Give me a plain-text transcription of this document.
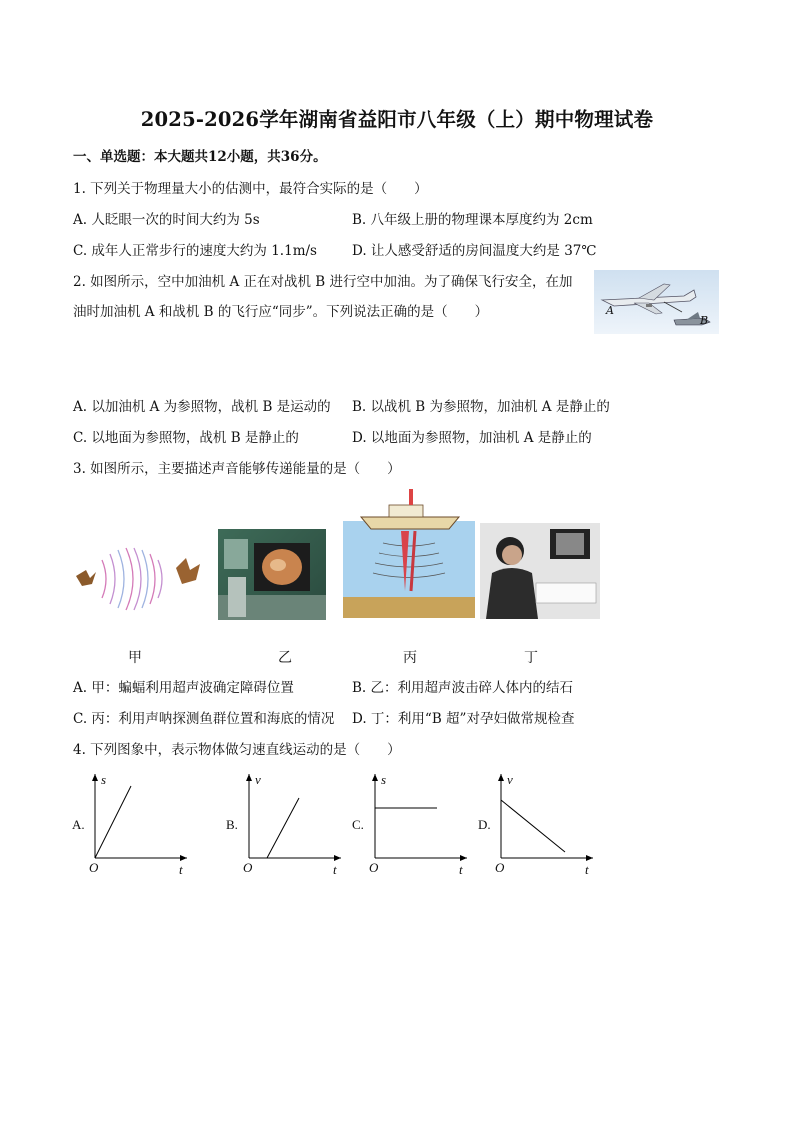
2025-2026学年湖南省益阳市八年级（上）期中物理试卷
一、单选题：本大题共12小题，共36分。
1. 下列关于物理量大小的估测中，最符合实际的是（　　）
A. 人眨眼一次的时间大约为 5s	B. 八年级上册的物理课本厚度约为 2cm
C. 成年人正常步行的速度大约为 1.1m/s	D. 让人感受舒适的房间温度大约是 37℃
2. 如图所示，空中加油机 A 正在对战机 B 进行空中加油。为了确保飞行安全，在加
油时加油机 A 和战机 B 的飞行应“同步”。下列说法正确的是（　　）	A
B
A. 以加油机 A 为参照物，战机 B 是运动的 B. 以战机 B 为参照物，加油机 A 是静止的
C. 以地面为参照物，战机 B 是静止的	D. 以地面为参照物，加油机 A 是静止的
3. 如图所示，主要描述声音能够传递能量的是（　　）
甲	乙	丙	丁
A. 甲：蝙蝠利用超声波确定障碍位置	B. 乙：利用超声波击碎人体内的结石
C. 丙：利用声呐探测鱼群位置和海底的情况 D. 丁：利用“B 超”对孕妇做常规检查
4. 下列图象中，表示物体做匀速直线运动的是（　　）
A.
s
O	t
B.
v
O	t
C.
s
O	t
D.
v
O	t
